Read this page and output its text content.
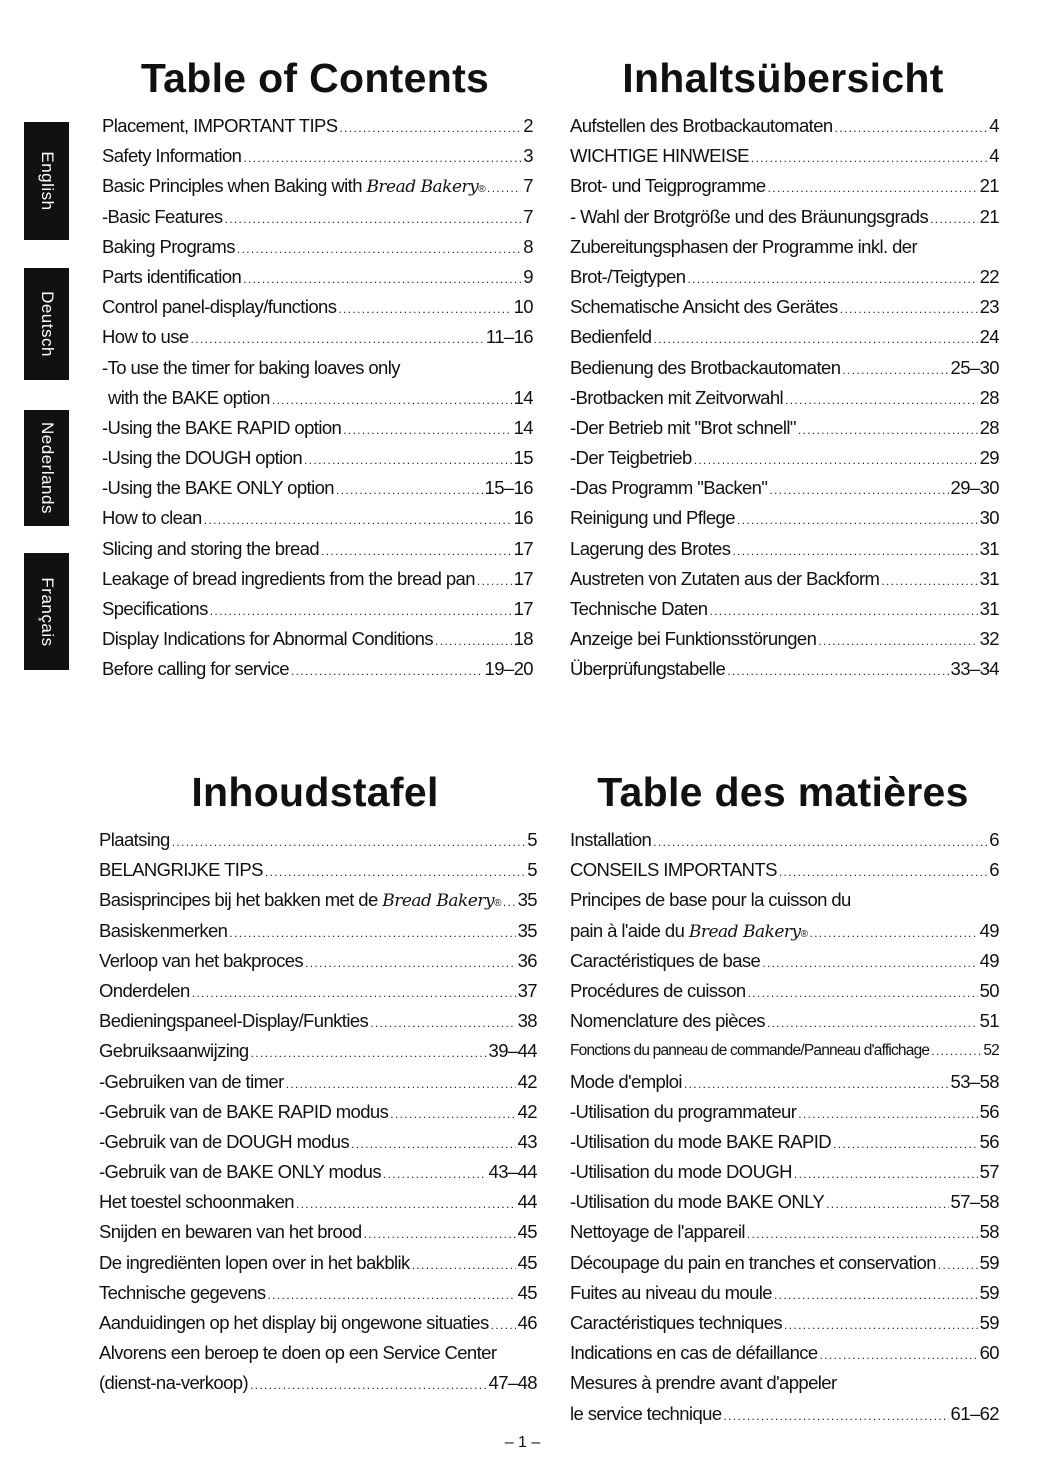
Table of Contents	Inhaltsübersicht
Inhoudstafel	Table des matières
English
Deutsch
Nederlands
Français
Placement, IMPORTANT TIPS . . .	2
Safety Information . . .	3
Basic Principles when Baking with Bread Bakery® . . . 7
-Basic Features . . .	7
Baking Programs . . .	8
Parts identification . . .	9
Control panel-display/functions . . .	10
How to use . . .	11–16
-To use the timer for baking loaves only
with the BAKE option . . .	14
-Using the BAKE RAPID option . . .	14
-Using the DOUGH option . . .	15
-Using the BAKE ONLY option . . .	15–16
How to clean . . .	16
Slicing and storing the bread . . .	17
Leakage of bread ingredients from the bread pan . . . 17
Specifications . . .	17
Display Indications for Abnormal Conditions . . .	18
Before calling for service . . .	19–20
Aufstellen des Brotbackautomaten . . .	4
WICHTIGE HINWEISE . . .	4
Brot- und Teigprogramme . . .	21
- Wahl der Brotgröße und des Bräunungsgrads . . .	21
Zubereitungsphasen der Programme inkl. der
Brot-/Teigtypen . . .	22
Schematische Ansicht des Gerätes . . .	23
Bedienfeld . . .	24
Bedienung des Brotbackautomaten . . .	25–30
-Brotbacken mit Zeitvorwahl . . .	28
-Der Betrieb mit "Brot schnell" . . .	28
-Der Teigbetrieb . . .	29
-Das Programm "Backen" . . .	29–30
Reinigung und Pflege . . .	30
Lagerung des Brotes . . .	31
Austreten von Zutaten aus der Backform . . .	31
Technische Daten . . .	31
Anzeige bei Funktionsstörungen . . .	32
Überprüfungstabelle . . .	33–34
Plaatsing . . .	5
BELANGRIJKE TIPS . . .	5
Basisprincipes bij het bakken met de Bread Bakery® . . . 35
Basiskenmerken . . .	35
Verloop van het bakproces . . .	36
Onderdelen . . .	37
Bedieningspaneel-Display/Funkties . . .	38
Gebruiksaanwijzing . . .	39–44
-Gebruiken van de timer . . .	42
-Gebruik van de BAKE RAPID modus . . .	42
-Gebruik van de DOUGH modus . . .	43
-Gebruik van de BAKE ONLY modus . . .	43–44
Het toestel schoonmaken . . .	44
Snijden en bewaren van het brood . . .	45
De ingrediënten lopen over in het bakblik . . .	45
Technische gegevens . . .	45
Aanduidingen op het display bij ongewone situaties . . . 46
Alvorens een beroep te doen op een Service Center
(dienst-na-verkoop) . . .	47–48
Installation . . .	6
CONSEILS IMPORTANTS . . .	6
Principes de base pour la cuisson du
pain à l'aide du Bread Bakery® . . .	49
Caractéristiques de base . . .	49
Procédures de cuisson . . .	50
Nomenclature des pièces . . .	51
Fonctions du panneau de commande/Panneau d'affichage . . .	52
Mode d'emploi . . .	53–58
-Utilisation du programmateur . . .	56
-Utilisation du mode BAKE RAPID . . .	56
-Utilisation du mode DOUGH . . .	57
-Utilisation du mode BAKE ONLY . . .	57–58
Nettoyage de l'appareil . . .	58
Découpage du pain en tranches et conservation . . . 59
Fuites au niveau du moule . . .	59
Caractéristiques techniques . . .	59
Indications en cas de défaillance . . .	60
Mesures à prendre avant d'appeler
le service technique . . .	61–62
– 1 –
